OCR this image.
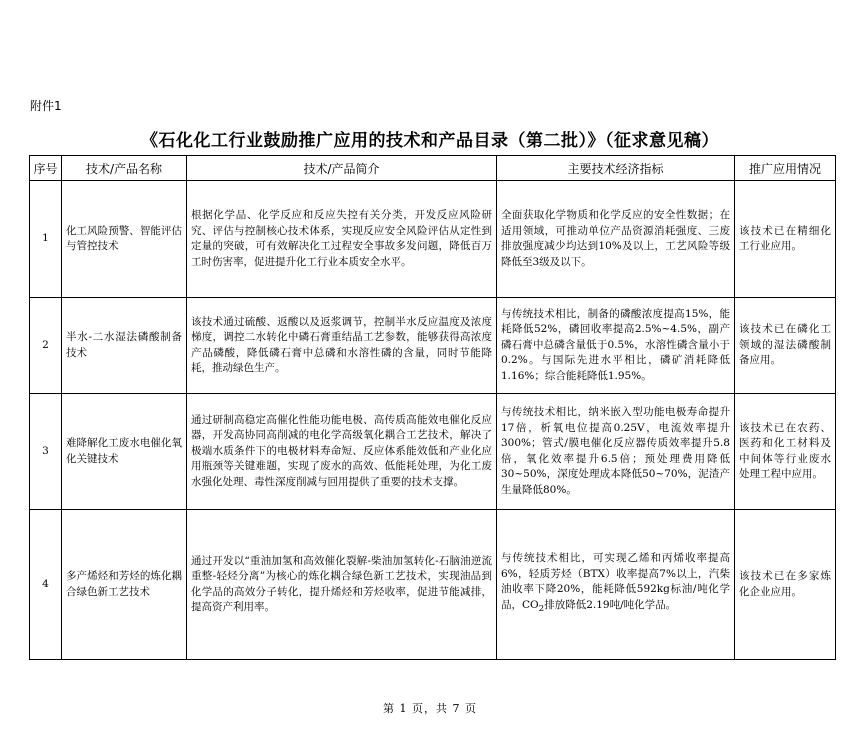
附件1
《石化化工行业鼓励推广应用的技术和产品目录（第二批）》（征求意见稿）
序号	技术/产品名称	技术/产品简介	主要技术经济指标	推广应用情况
1	化工风险预警、智能评估与管控技术	根据化学品、化学反应和反应失控有关分类，开发反应风险研究、评估与控制核心技术体系，实现反应安全风险评估从定性到定量的突破，可有效解决化工过程安全事故多发问题，降低百万工时伤害率，促进提升化工行业本质安全水平。	全面获取化学物质和化学反应的安全性数据；在适用领域，可推动单位产品资源消耗强度、三废排放强度减少均达到10%及以上，工艺风险等级降低至3级及以下。	该技术已在精细化工行业应用。
2	半水-二水湿法磷酸制备技术	该技术通过硫酸、返酸以及返浆调节，控制半水反应温度及浓度梯度，调控二水转化中磷石膏重结晶工艺参数，能够获得高浓度产品磷酸，降低磷石膏中总磷和水溶性磷的含量，同时节能降耗，推动绿色生产。	与传统技术相比，制备的磷酸浓度提高15%，能耗降低52%，磷回收率提高2.5%~4.5%，副产磷石膏中总磷含量低于0.5%，水溶性磷含量小于0.2%。与国际先进水平相比，磷矿消耗降低1.16%；综合能耗降低1.95%。	该技术已在磷化工领域的湿法磷酸制备应用。
3	难降解化工废水电催化氧化关键技术	通过研制高稳定高催化性能功能电极、高传质高能效电催化反应器，开发高协同高削减的电化学高级氧化耦合工艺技术，解决了极端水质条件下的电极材料寿命短、反应体系能效低和产业化应用瓶颈等关键难题，实现了废水的高效、低能耗处理，为化工废水强化处理、毒性深度削减与回用提供了重要的技术支撑。	与传统技术相比，纳米嵌入型功能电极寿命提升17倍，析氧电位提高0.25V，电流效率提升300%；管式/膜电催化反应器传质效率提升5.8倍，氧化效率提升6.5倍；预处理费用降低30~50%，深度处理成本降低50~70%，泥渣产生量降低80%。	该技术已在农药、医药和化工材料及中间体等行业废水处理工程中应用。
4	多产烯烃和芳烃的炼化耦合绿色新工艺技术	通过开发以“重油加氢和高效催化裂解-柴油加氢转化-石脑油逆流重整-轻烃分离”为核心的炼化耦合绿色新工艺技术，实现油品到化学品的高效分子转化，提升烯烃和芳烃收率，促进节能减排，提高资产利用率。	与传统技术相比，可实现乙烯和丙烯收率提高6%，轻质芳烃（BTX）收率提高7%以上，汽柴油收率下降20%，能耗降低592kg标油/吨化学品，$CO_2$排放降低2.19吨/吨化学品。	该技术已在多家炼化企业应用。
第 1 页，共 7 页
